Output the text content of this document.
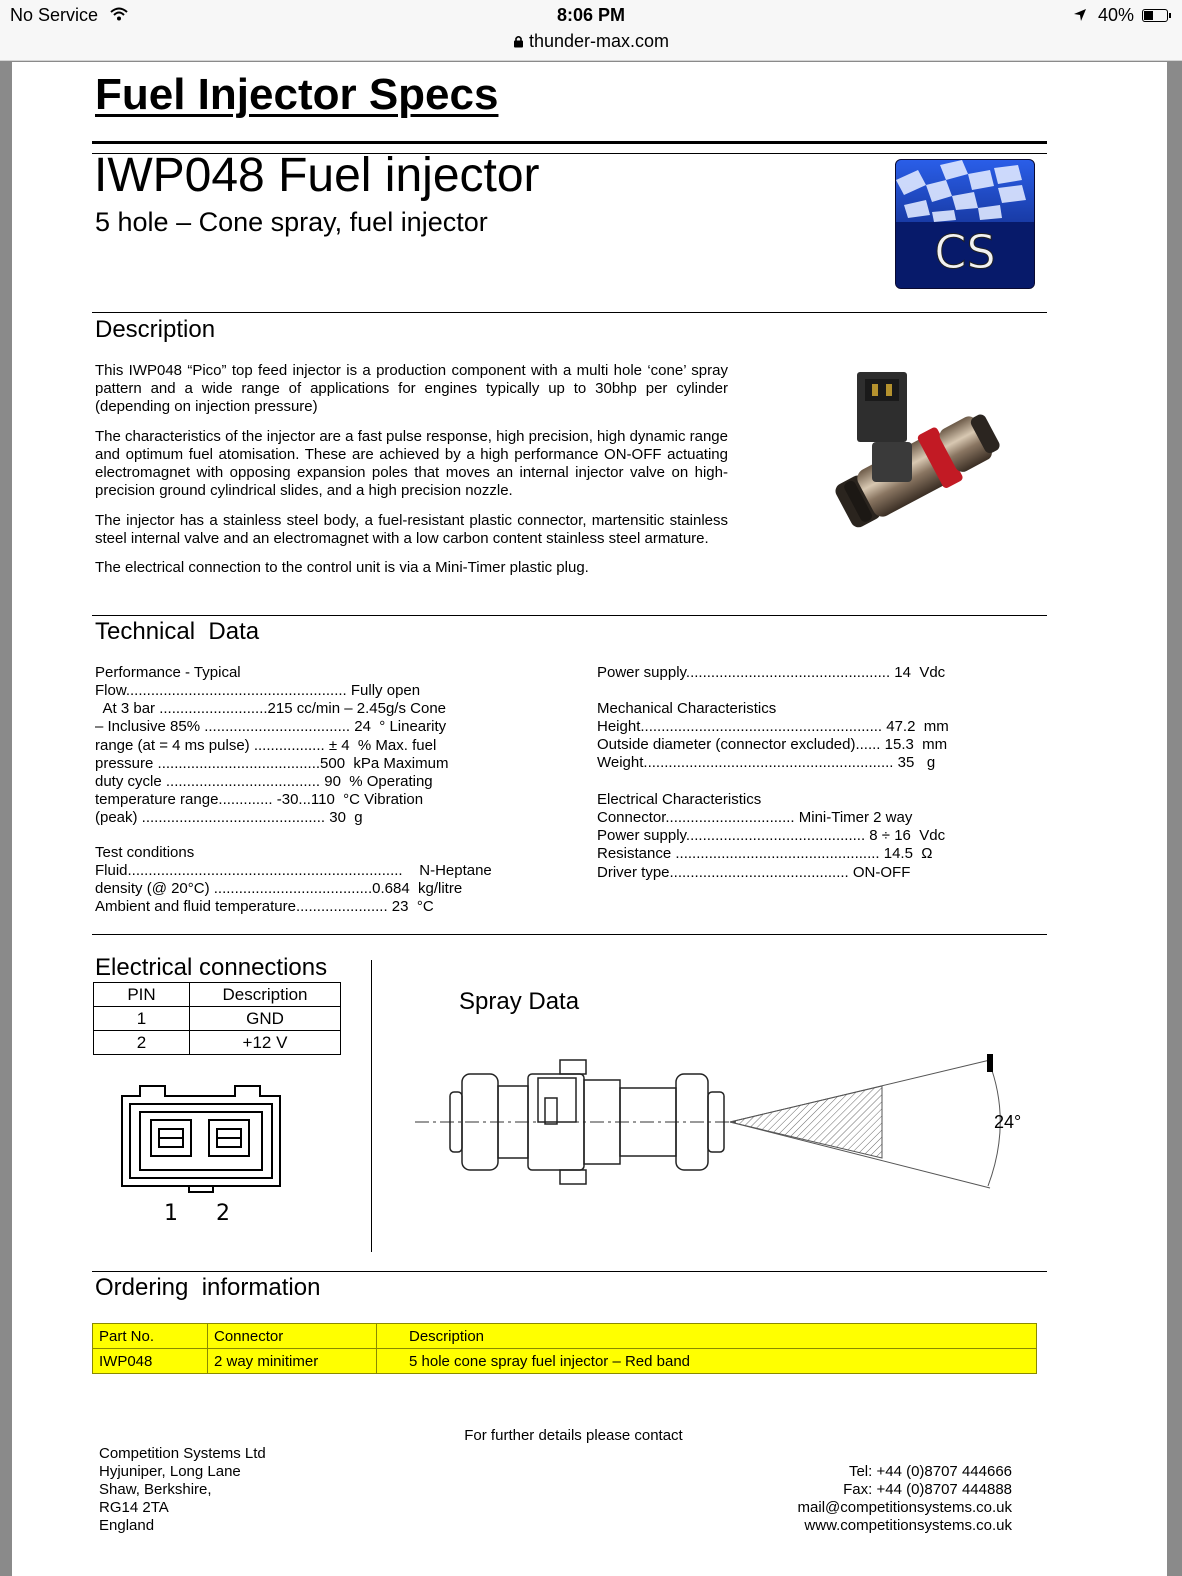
No Service	8:06 PM	40%
thunder-max.com
Fuel Injector Specs
IWP048 Fuel injector
5 hole – Cone spray, fuel injector
CS
Description

This IWP048 “Pico” top feed injector is a production component with a multi hole ‘cone’ spray pattern and a wide range of applications for engines typically up to 30bhp per cylinder (depending on injection pressure)

The characteristics of the injector are a fast pulse response, high precision, high dynamic range and optimum fuel atomisation. These are achieved by a high performance ON-OFF actuating electromagnet with opposing expansion poles that moves an internal injector valve on high-precision ground cylindrical slides, and a high precision nozzle.

The injector has a stainless steel body, a fuel-resistant plastic connector, martensitic stainless steel internal valve and an electromagnet with a low carbon content stainless steel armature.

The electrical connection to the control unit is via a Mini-Timer plastic plug.

Technical  Data
Performance - Typical
Flow..................................................... Fully open
At 3 bar ..........................215 cc/min – 2.45g/s Cone
– Inclusive 85% ................................... 24  ° Linearity
range (at = 4 ms pulse) ................. ± 4  % Max. fuel
pressure .......................................500  kPa Maximum
duty cycle ..................................... 90  % Operating
temperature range............. -30...110  °C Vibration
(peak) ............................................ 30  g
Test conditions
Fluid..................................................................    N-Heptane
density (@ 20°C) ......................................0.684  kg/litre
Ambient and fluid temperature...................... 23  °C
Power supply................................................. 14  Vdc
Mechanical Characteristics
Height.......................................................... 47.2  mm
Outside diameter (connector excluded)...... 15.3  mm
Weight............................................................ 35   g
Electrical Characteristics
Connector............................... Mini-Timer 2 way
Power supply........................................... 8 ÷ 16  Vdc
Resistance ................................................. 14.5  Ω
Driver type........................................... ON-OFF
Electrical connections
PIN	Description
1	GND
2	+12 V
1 2
Spray Data
24°
Ordering  information
Part No.	Connector	Description
IWP048	2 way minitimer	5 hole cone spray fuel injector – Red band
For further details please contact
Competition Systems Ltd
Hyjuniper, Long Lane
Shaw, Berkshire,
RG14 2TA
England
Tel: +44 (0)8707 444666
Fax: +44 (0)8707 444888
mail@competitionsystems.co.uk
www.competitionsystems.co.uk
